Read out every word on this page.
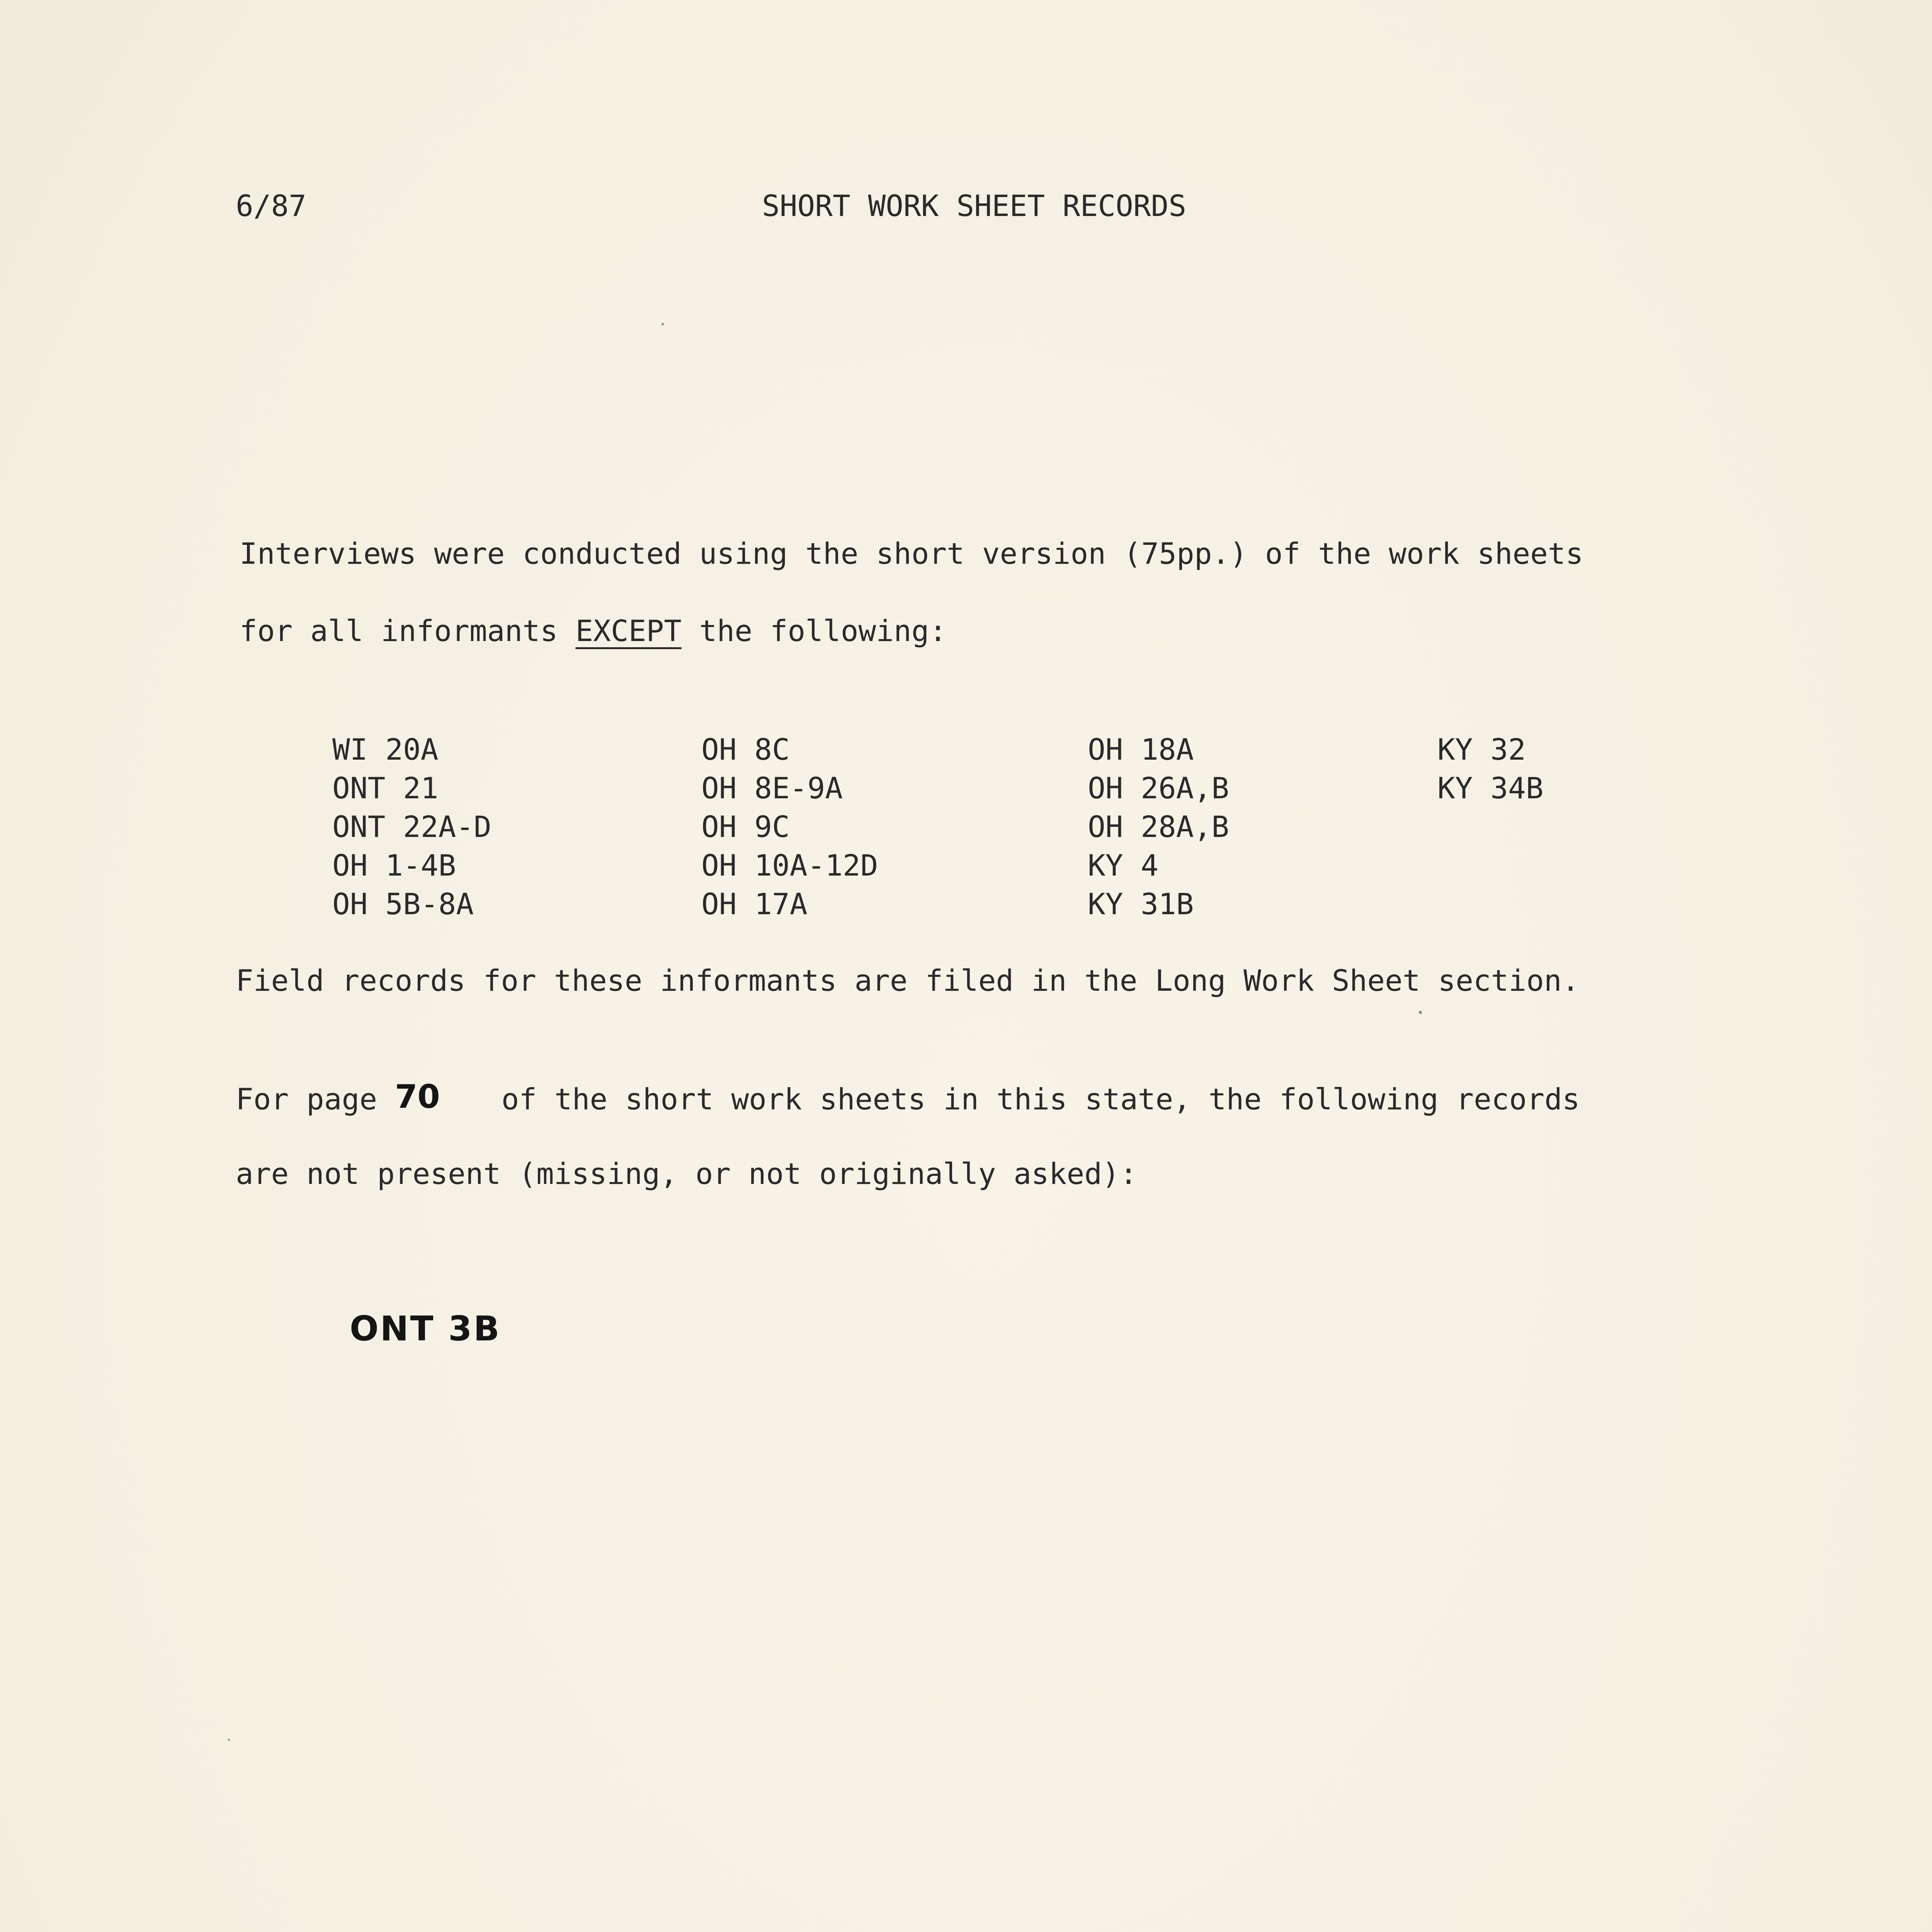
6/87	SHORT WORK SHEET RECORDS
Interviews were conducted using the short version (75pp.) of the work sheets
for all informants EXCEPT the following:
WI 20A
ONT 21
ONT 22A-D
OH 1-4B
OH 5B-8A
OH 8C
OH 8E-9A
OH 9C
OH 10A-12D
OH 17A
OH 18A
OH 26A,B
OH 28A,B
KY 4
KY 31B
KY 32
KY 34B
Field records for these informants are filed in the Long Work Sheet section.
For page 70 of the short work sheets in this state, the following records
are not present (missing, or not originally asked):
ONT 3B
